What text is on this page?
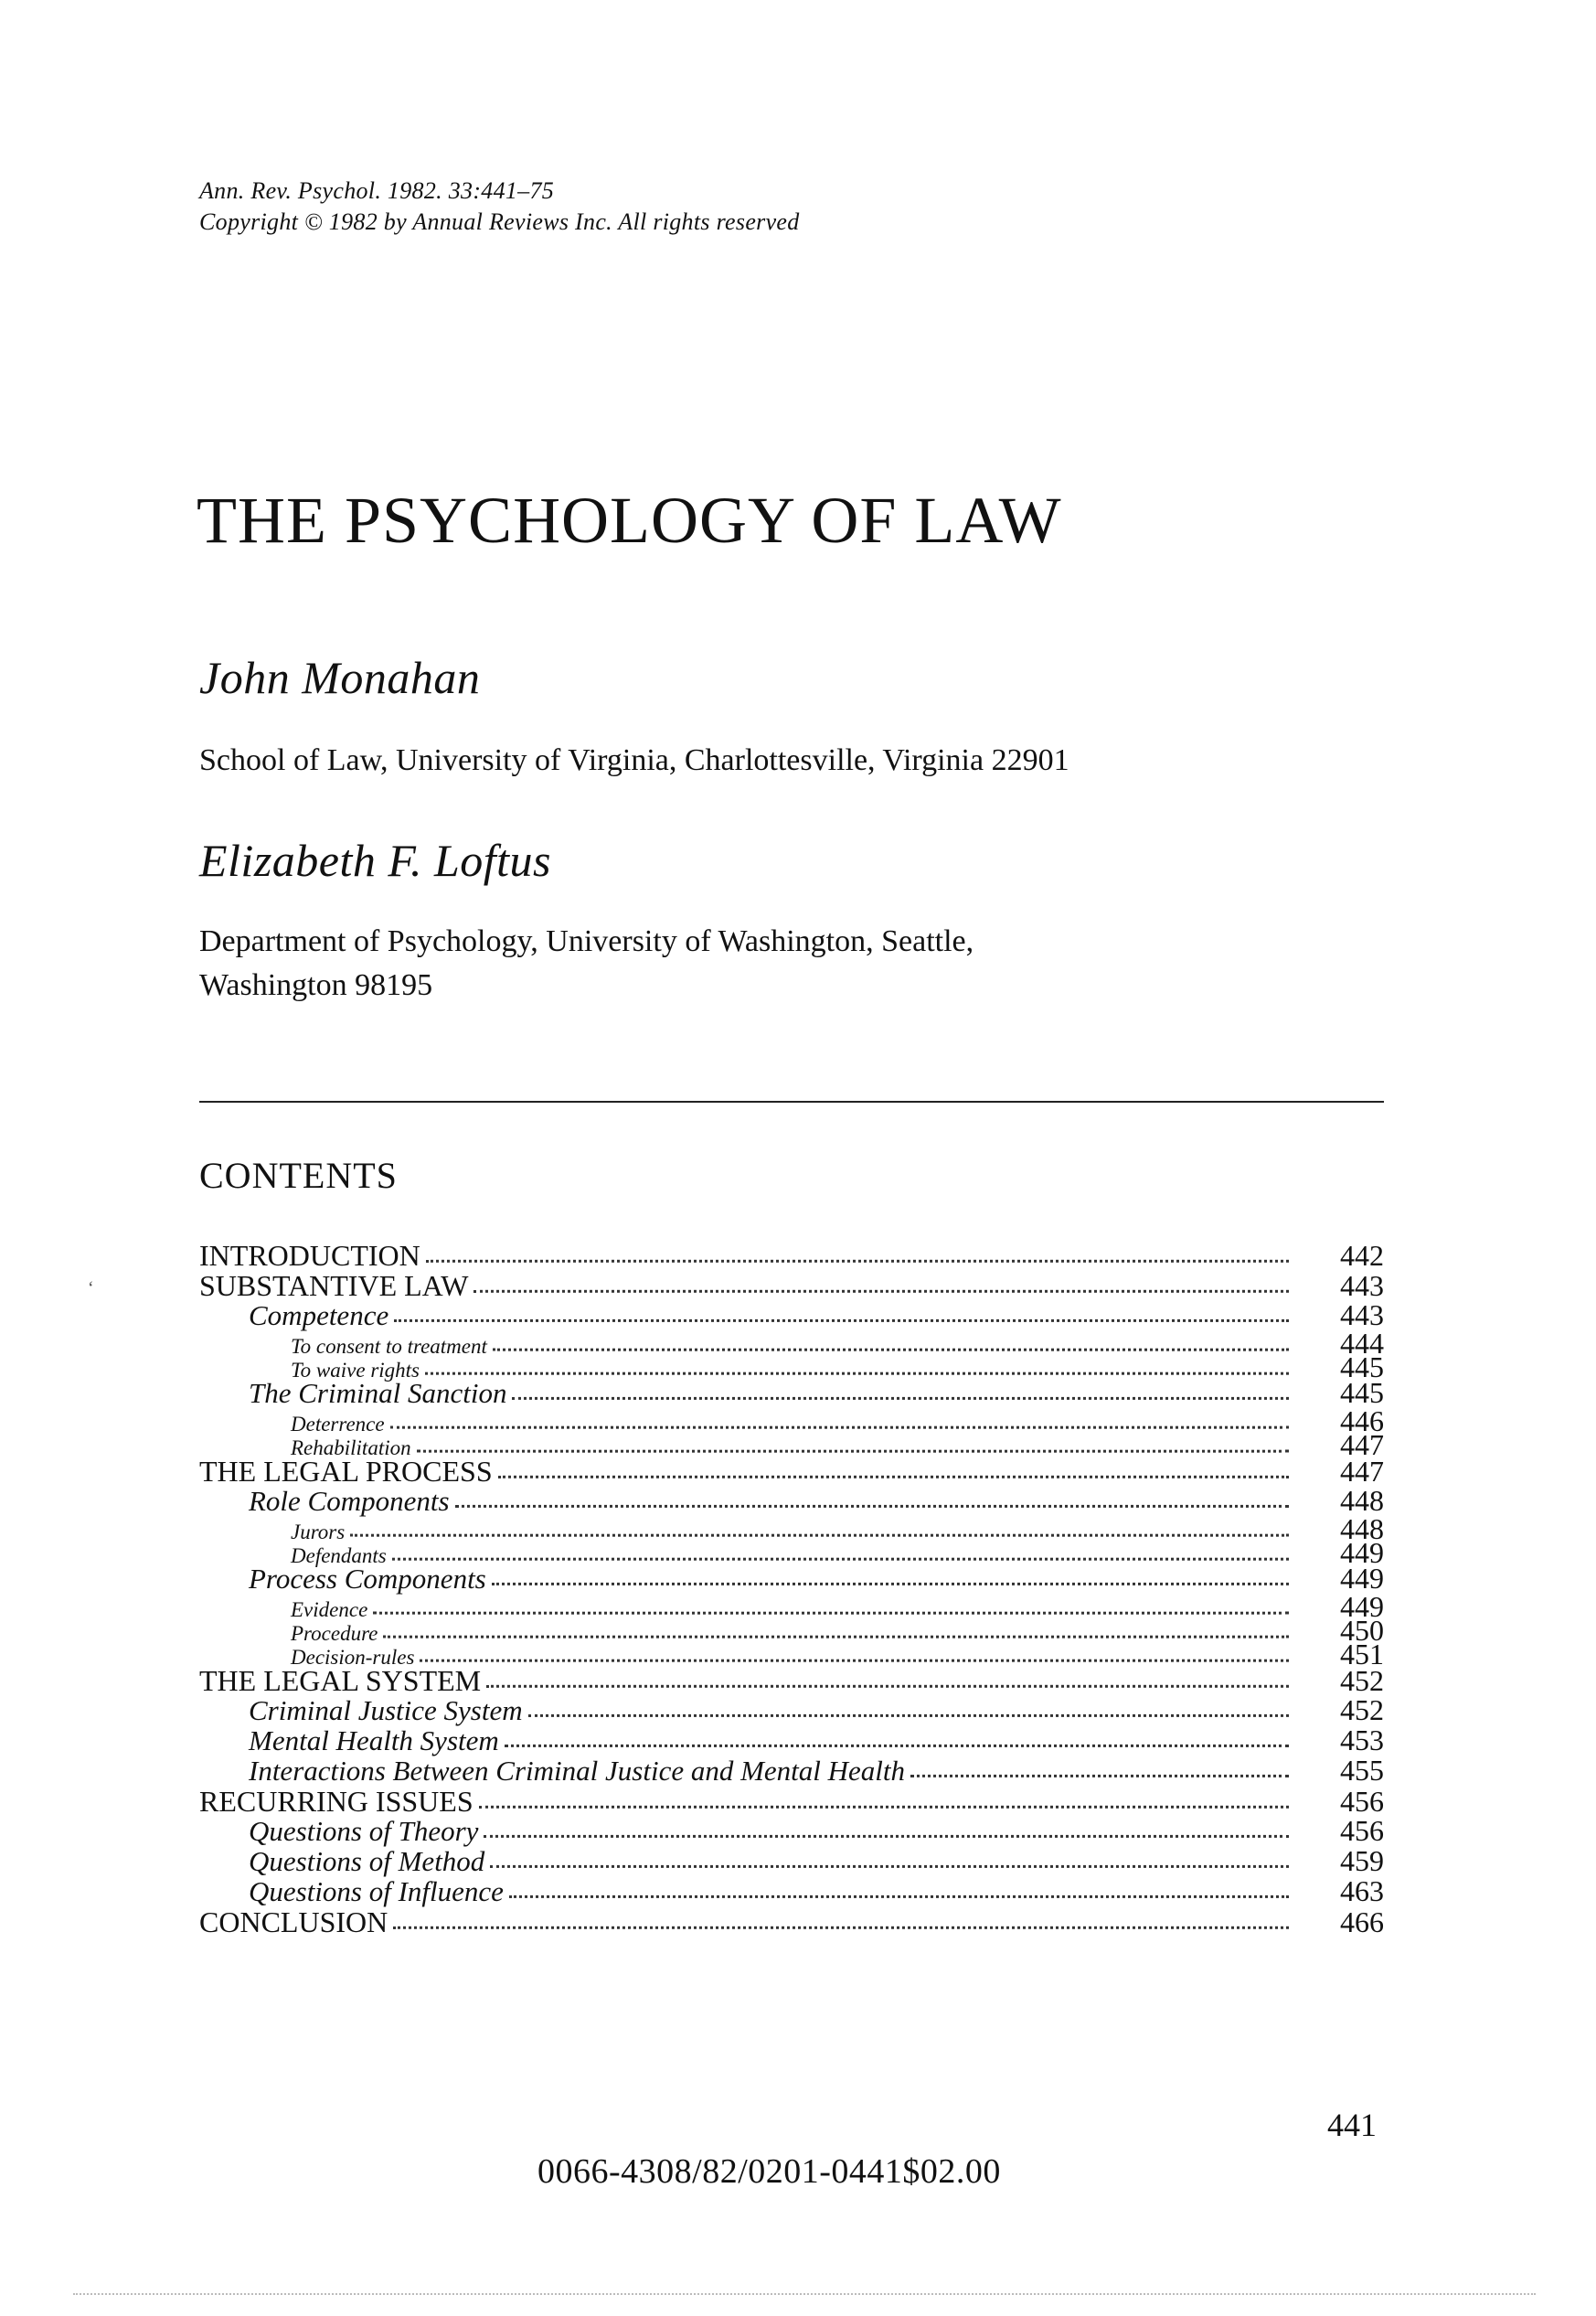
Ann. Rev. Psychol. 1982. 33:441–75
Copyright © 1982 by Annual Reviews Inc. All rights reserved
THE PSYCHOLOGY OF LAW
John Monahan
School of Law, University of Virginia, Charlottesville, Virginia 22901
Elizabeth F. Loftus
Department of Psychology, University of Washington, Seattle,
Washington 98195
CONTENTS
INTRODUCTION	442
SUBSTANTIVE LAW	443
Competence	443
To consent to treatment	444
To waive rights	445
The Criminal Sanction	445
Deterrence	446
Rehabilitation	447
THE LEGAL PROCESS	447
Role Components	448
Jurors	448
Defendants	449
Process Components	449
Evidence	449
Procedure	450
Decision-rules	451
THE LEGAL SYSTEM	452
Criminal Justice System	452
Mental Health System	453
Interactions Between Criminal Justice and Mental Health	455
RECURRING ISSUES	456
Questions of Theory	456
Questions of Method	459
Questions of Influence	463
CONCLUSION	466
‘
441
0066-4308/82/0201-0441$02.00
